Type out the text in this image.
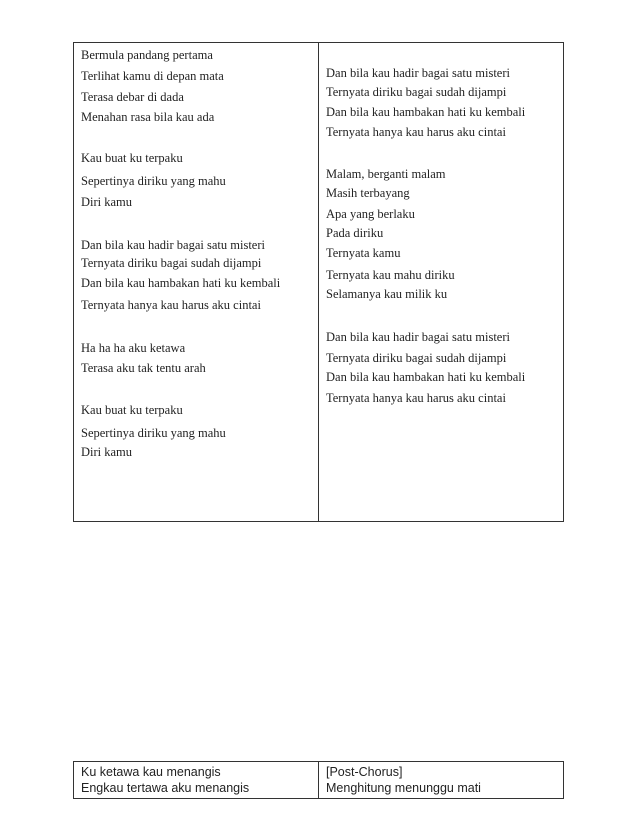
Bermula pandang pertama
Terlihat kamu di depan mata
Terasa debar di dada
Menahan rasa bila kau ada
Kau buat ku terpaku
Sepertinya diriku yang mahu
Diri kamu
Dan bila kau hadir bagai satu misteri
Ternyata diriku bagai sudah dijampi
Dan bila kau hambakan hati ku kembali
Ternyata hanya kau harus aku cintai
Ha ha ha aku ketawa
Terasa aku tak tentu arah
Kau buat ku terpaku
Sepertinya diriku yang mahu
Diri kamu
Dan bila kau hadir bagai satu misteri
Ternyata diriku bagai sudah dijampi
Dan bila kau hambakan hati ku kembali
Ternyata hanya kau harus aku cintai
Malam, berganti malam
Masih terbayang
Apa yang berlaku
Pada diriku
Ternyata kamu
Ternyata kau mahu diriku
Selamanya kau milik ku
Dan bila kau hadir bagai satu misteri
Ternyata diriku bagai sudah dijampi
Dan bila kau hambakan hati ku kembali
Ternyata hanya kau harus aku cintai
Ku ketawa kau menangis
Engkau tertawa aku menangis
[Post-Chorus]
Menghitung menunggu mati
